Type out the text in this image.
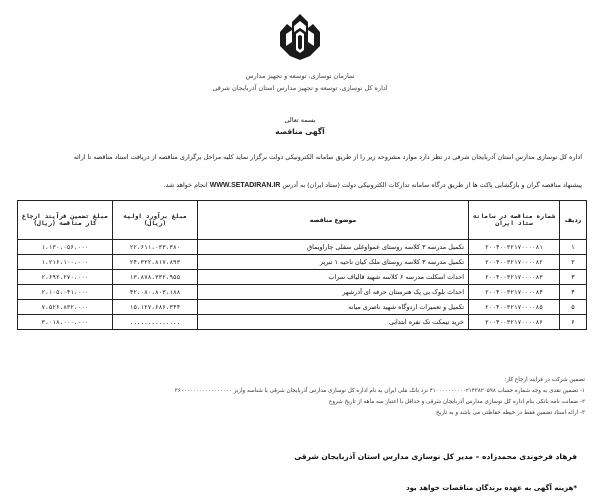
سازمان نوسازی، توسعه و تجهیز مدارس
اداره کل نوسازی، توسعه و تجهیز مدارس استان آذربایجان شرقی
بسمه تعالی
آگهی مناقصه
اداره کل نوسازی مدارس استان آذربایجان شرقی در نظر دارد موارد مشروحه زیر را از طریق سامانه الکترونیکی دولت برگزار نماید کلیه مراحل برگزاری مناقصه از دریافت اسناد مناقصه تا ارائه
پیشنهاد مناقصه گران و بازگشایی پاکت ها از طریق درگاه سامانه تدارکات الکترونیکی دولت (ستاد ایران) به آدرس WWW.SETADIRAN.IR انجام خواهد شد.
ردیف	شماره مناقصه در سامانه ستاد ایران	موضوع مناقصه	مبلغ برآورد اولیه (ریال)	مبلغ تضمین فرآیند ارجاع کار مناقصه (ریال)
۱	۲۰۰۴۰۰۳۲۱۷۰۰۰۰۸۱	تکمیل مدرسه ۳ کلاسه روستای عمواوغلی سفلی چاراویماق	۲۲،۶۱۱،۰۳۳،۳۸۰	۱،۱۳۰،۰۵۶،۰۰۰
۲	۲۰۰۴۰۰۳۲۱۷۰۰۰۰۸۲	تکمیل مدرسه ۳ کلاسه روستای ملک کیان ناحیه ۱ تبریز	۲۴،۳۲۲،۸۱۷،۸۹۳	۱،۲۱۶،۱۰۰،۰۰۰
۳	۲۰۰۴۰۰۳۲۱۷۰۰۰۰۸۳	احداث اسکلت مدرسه ۶ کلاسه شهید قالیاف سراب	۱۳،۸۷۸،۳۳۲،۹۵۵	۲،۶۹۲،۲۷۰،۰۰۰
۴	۲۰۰۴۰۰۳۲۱۷۰۰۰۰۸۴	احداث بلوک بی پک هنرستان حرفه ای آذرشهر	۴۲،۰۸۰،۸۰۳،۱۸۸	۲،۱۰۵،۰۴۱،۰۰۰
۵	۲۰۰۴۰۰۳۲۱۷۰۰۰۰۸۵	تکمیل و تعمیرات اردوگاه شهید ناصری میانه	۱۵،۱۲۷،۶۸۶،۳۴۴	۷،۵۲۶،۸۳۲،۰۰۰
۶	۲۰۰۴۰۰۳۲۱۷۰۰۰۰۸۶	خرید نیمکت تک نفره ابتدایی	..............	۳،۰۱۸،۰۰۰،۰۰۰
تضمین شرکت در فرایند ارجاع کار:
۱- تضمین نقدی به وجه شماره حساب ۴۱۰۰۰۰۰۰۰۰۰۰۲۱۴۳۸۲۰۵۹۸ نزد بانک ملی ایران به نام اداره کل نوسازی مدارس آذربایجان شرقی با شناسه واریز ۳۶۰۰۰۰۰۰۰۰۰۰۰۰۰۰۰۰۰
۲- ضمانت نامه بانکی بنام اداره کل نوسازی مدارس آذربایجان شرقی و حداقل با اعتبار سه ماهه از تاریخ شروع
۳- ارائه اسناد تضمین فقط در حیطه حفاظتی می باشد و به تاریخ
فرهاد فرخوندی محمدزاده – مدیر کل نوسازی مدارس استان آذربایجان شرقی
*هزینه آگهی به عهده برندگان مناقصات خواهد بود
